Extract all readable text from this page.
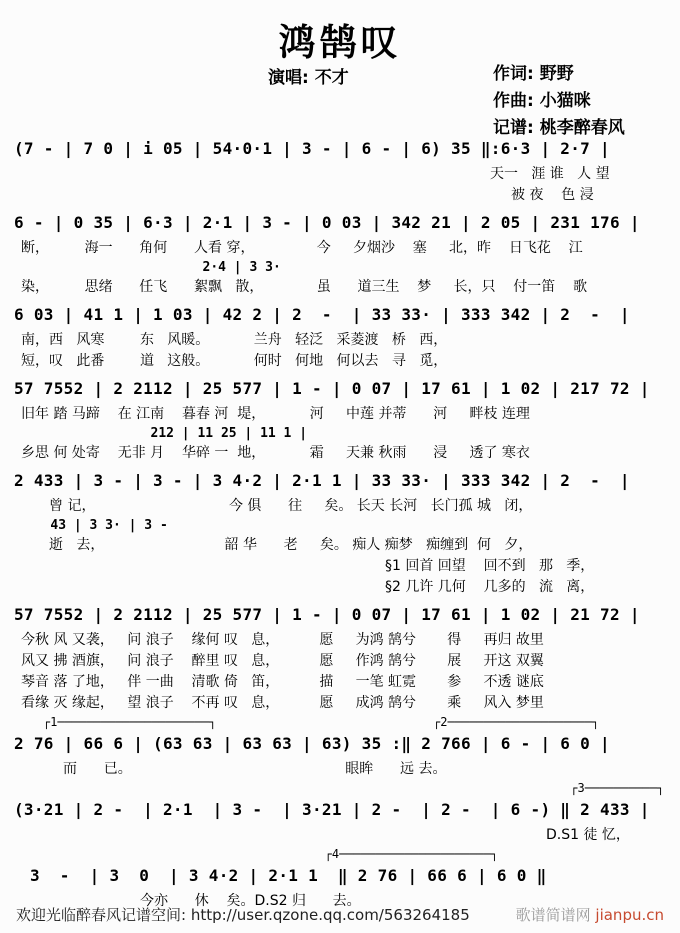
鸿鹄叹
演唱: 不才	作词: 野野
作曲: 小猫咪
记谱: 桃李醉春风
(7 - | 7 0 | i 05 | 54·0·1 | 3 - | 6 - | 6) 35 ‖:6·3 | 2·7 |
天一   涯 谁   人 望
被 夜    色 浸
6 - | 0 35 | 6·3 | 2·1 | 3 - | 0 03 | 342 21 | 2 05 | 231 176 |
断，        海一      角何      人看 穿，              今     夕烟沙    塞     北，昨    日飞花    江
2·4 | 3 3·
染，        思绪      任飞      絮飘   散，            虽      道三生    梦     长，只    付一笛    歌
6 03 | 41 1 | 1 03 | 42 2 | 2  -  | 33 33· | 333 342 | 2  -  |
南，西   风寒        东   风暖。          兰舟   轻泛   采菱渡   桥   西，
短，叹   此番        道   这般。          何时   何地   何以去   寻   觅，
57 7552 | 2 2112 | 25 577 | 1 - | 0 07 | 17 61 | 1 02 | 217 72 |
旧年 踏 马蹄    在 江南    暮春 河  堤，          河     中莲 并蒂      河     畔枝 连理
212 | 11 25 | 11 1 |
乡思 何 处寄    无非 月    华碎 一  地，          霜     天兼 秋雨      浸     透了 寒衣
2 433 | 3 - | 3 - | 3 4·2 | 2·1 1 | 33 33· | 333 342 | 2  -  |
曾 记，                              今 俱      往     矣。 长天 长河   长门孤 城   闭，
43 | 3 3· | 3 -
逝   去，                           韶 华      老     矣。 痴人 痴梦   痴缠到  何   夕，
§1 回首 回望    回不到   那   季，
§2 几许 几何    几多的   流   离，
57 7552 | 2 2112 | 25 577 | 1 - | 0 07 | 17 61 | 1 02 | 21 72 |
今秋 风 又袭，   问 浪子    缘何 叹   息，         愿     为鸿 鹄兮       得     再归 故里
风又 拂 酒旗，   问 浪子    醉里 叹   息，         愿     作鸿 鹄兮       展     开这 双翼
琴音 落 了地，   伴 一曲    清歌 倚   笛，         描     一笔 虹霓       参     不透 谜底
看缘 灭 缘起，   望 浪子    不再 叹   息，         愿     成鸿 鹄兮       乘     风入 梦里
┌1─────────────────────┐                              ┌2────────────────────┐
2 76 | 66 6 | (63 63 | 63 63 | 63) 35 :‖ 2 766 | 6 - | 6 0 |
而      已。                                                眼眸      远 去。
┌3──────────┐
(3·21 | 2 -  | 2·1  | 3 -  | 3·21 | 2 -  | 2 -  | 6 -) ‖ 2 433 |
D.S1 徒 忆，
┌4─────────────────────┐
3  -  | 3  0  | 3 4·2 | 2·1 1  ‖ 2 76 | 66 6 | 6 0 ‖
今亦      休    矣。D.S2 归      去。
欢迎光临醉春风记谱空间: http://user.qzone.qq.com/563264185	歌谱简谱网 jianpu.cn
